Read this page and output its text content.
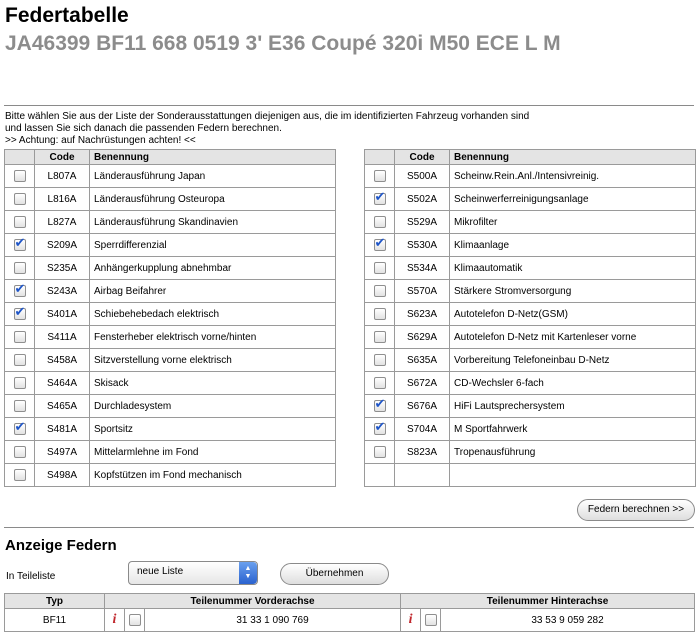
Federtabelle
JA46399 BF11 668 0519 3' E36 Coupé 320i M50 ECE L M
Bitte wählen Sie aus der Liste der Sonderausstattungen diejenigen aus, die im identifizierten Fahrzeug vorhanden sind
und lassen Sie sich danach die passenden Federn berechnen.
>> Achtung: auf Nachrüstungen achten! <<
	Code	Benennung
	L807A	Länderausführung Japan
	L816A	Länderausführung Osteuropa
	L827A	Länderausführung Skandinavien
✔	S209A	Sperrdifferenzial
	S235A	Anhängerkupplung abnehmbar
✔	S243A	Airbag Beifahrer
✔	S401A	Schiebehebedach elektrisch
	S411A	Fensterheber elektrisch vorne/hinten
	S458A	Sitzverstellung vorne elektrisch
	S464A	Skisack
	S465A	Durchladesystem
✔	S481A	Sportsitz
	S497A	Mittelarmlehne im Fond
	S498A	Kopfstützen im Fond mechanisch
	Code	Benennung
	S500A	Scheinw.Rein.Anl./Intensivreinig.
✔	S502A	Scheinwerferreinigungsanlage
	S529A	Mikrofilter
✔	S530A	Klimaanlage
	S534A	Klimaautomatik
	S570A	Stärkere Stromversorgung
	S623A	Autotelefon D-Netz(GSM)
	S629A	Autotelefon D-Netz mit Kartenleser vorne
	S635A	Vorbereitung Telefoneinbau D-Netz
	S672A	CD-Wechsler 6-fach
✔	S676A	HiFi Lautsprechersystem
✔	S704A	M Sportfahrwerk
	S823A	Tropenausführung

Federn berechnen >>
Anzeige Federn
In Teileliste	neue Liste	▲
▼	Übernehmen
Typ	Teilenummer Vorderachse			Teilenummer Hinterachse		
BF11	i		31 33 1 090 769	i		33 53 9 059 282
